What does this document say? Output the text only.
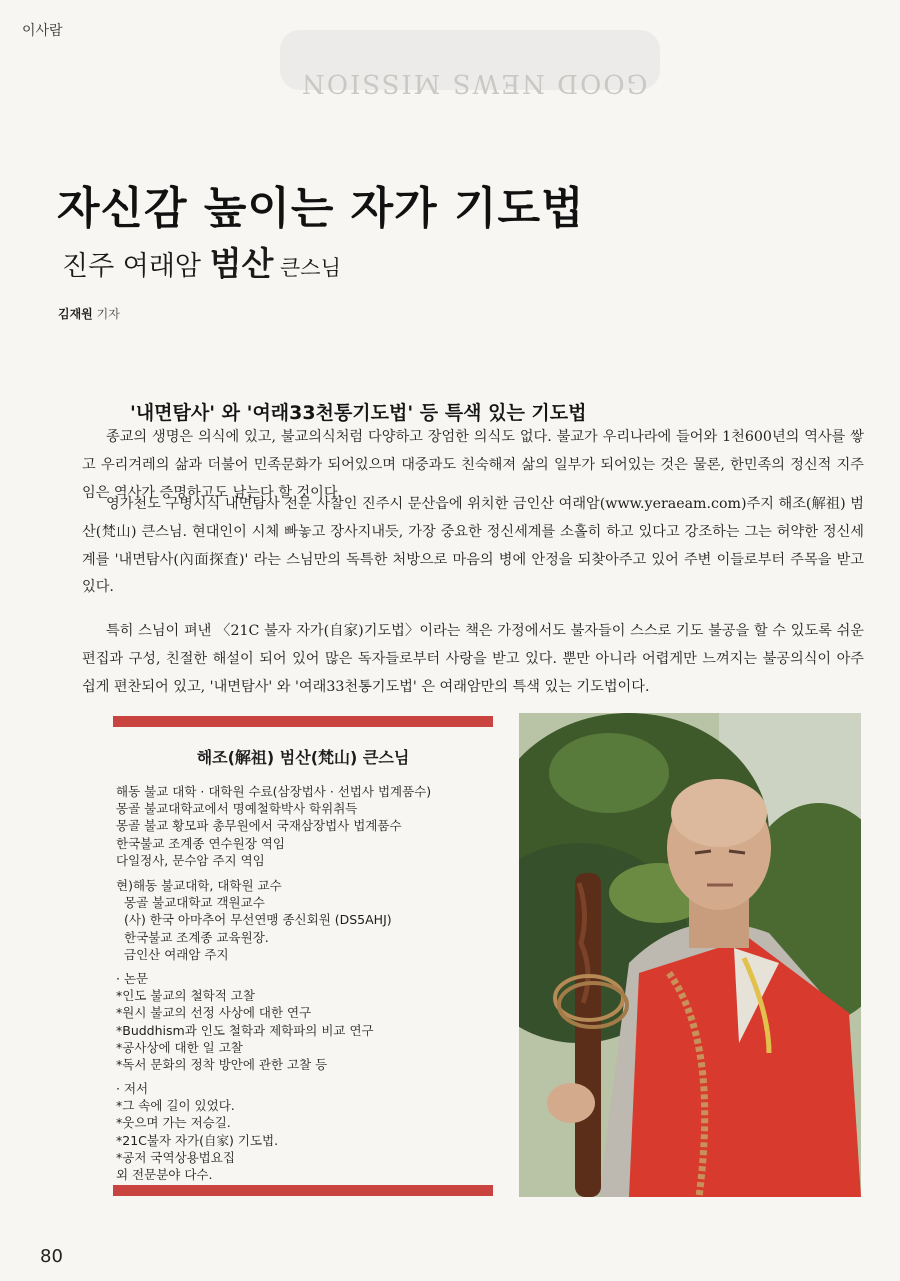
이사람
GOOD NEWS MISSION
자신감 높이는 자가 기도법
진주 여래암 범산 큰스님
김재원 기자
'내면탐사' 와 '여래33천통기도법' 등 특색 있는 기도법

종교의 생명은 의식에 있고, 불교의식처럼 다양하고 장엄한 의식도 없다. 불교가 우리나라에 들어와 1천600년의 역사를 쌓고 우리겨레의 삶과 더불어 민족문화가 되어있으며 대중과도 친숙해져 삶의 일부가 되어있는 것은 물론, 한민족의 정신적 지주임은 역사가 증명하고도 남는다 할 것이다.

영가천도 구병시식 내면탐사 전문 사찰인 진주시 문산읍에 위치한 금인산 여래암(www.yeraeam.com)주지 해조(解祖) 범산(梵山) 큰스님. 현대인이 시체 빠놓고 장사지내듯, 가장 중요한 정신세계를 소홀히 하고 있다고 강조하는 그는 허약한 정신세계를 '내면탐사(內面探査)' 라는 스님만의 독특한 처방으로 마음의 병에 안정을 되찾아주고 있어 주변 이들로부터 주목을 받고 있다.

특히 스님이 펴낸 〈21C 불자 자가(自家)기도법〉이라는 책은 가정에서도 불자들이 스스로 기도 불공을 할 수 있도록 쉬운 편집과 구성, 친절한 해설이 되어 있어 많은 독자들로부터 사랑을 받고 있다. 뿐만 아니라 어렵게만 느껴지는 불공의식이 아주 쉽게 편찬되어 있고, '내면탐사' 와 '여래33천통기도법' 은 여래암만의 특색 있는 기도법이다.

해조(解祖) 범산(梵山) 큰스님
해동 불교 대학 · 대학원 수료(삼장법사 · 선법사 법계품수)
몽골 불교대학교에서 명예철학박사 학위취득
몽골 불교 황모파 총무원에서 국재삼장법사 법계품수
한국불교 조계종 연수원장 역임
다일정사, 문수암 주지 역임
현)해동 불교대학, 대학원 교수
몽골 불교대학교 객원교수
(사) 한국 아마추어 무선연맹 종신회원 (DS5AHJ)
한국불교 조계종 교육원장.
금인산 여래암 주지
· 논문
*인도 불교의 철학적 고찰
*원시 불교의 선정 사상에 대한 연구
*Buddhism과 인도 철학과 제학파의 비교 연구
*공사상에 대한 일 고찰
*독서 문화의 정착 방안에 관한 고찰 등
· 저서
*그 속에 길이 있었다.
*웃으며 가는 저승길.
*21C불자 자가(自家) 기도법.
*공저 국역상용법요집
외 전문분야 다수.
80
